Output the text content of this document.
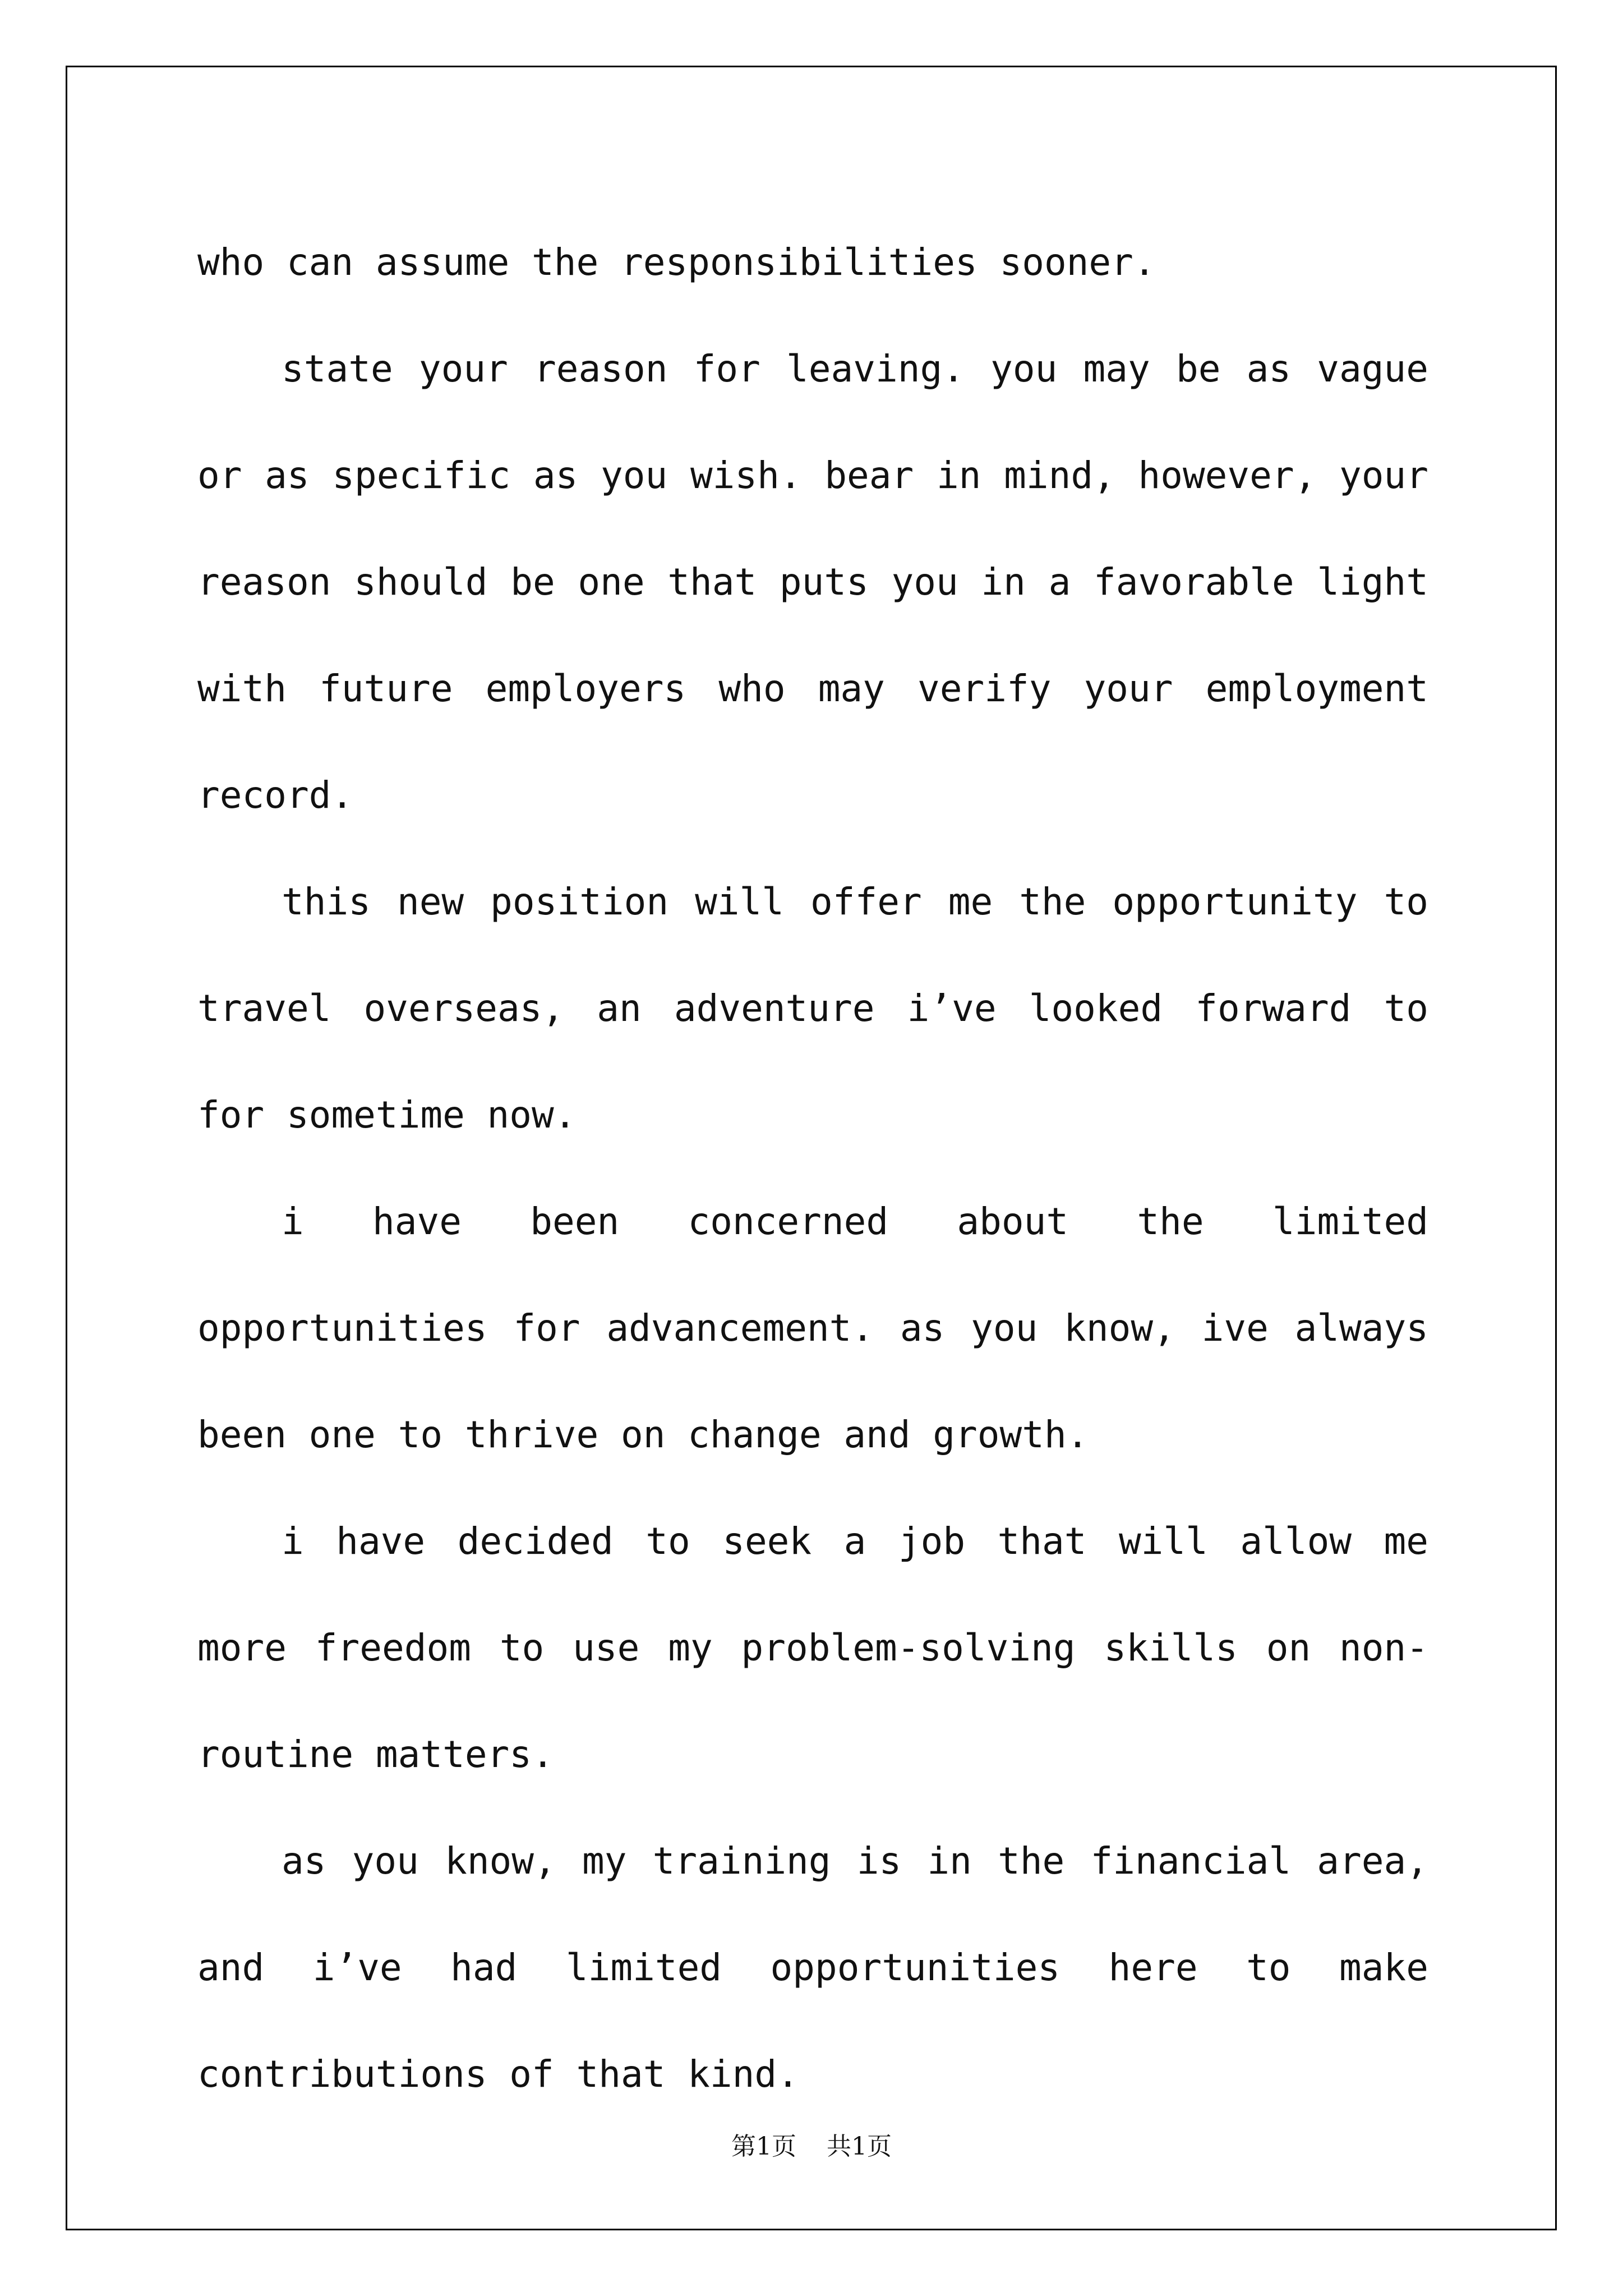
who can assume the responsibilities sooner.

state your reason for leaving. you may be as vague or as specific as you wish. bear in mind, however, your reason should be one that puts you in a favorable light with future employers who may verify your employment record.

this new position will offer me the opportunity to travel overseas, an adventure i’ve looked forward to for sometime now.

i have been concerned about the limited opportunities for advancement. as you know, ive always been one to thrive on change and growth.

i have decided to seek a job that will allow me more freedom to use my problem-solving skills on non-routine matters.

as you know, my training is in the financial area, and i’ve had limited opportunities here to make contributions of that kind.

第1页 共1页
